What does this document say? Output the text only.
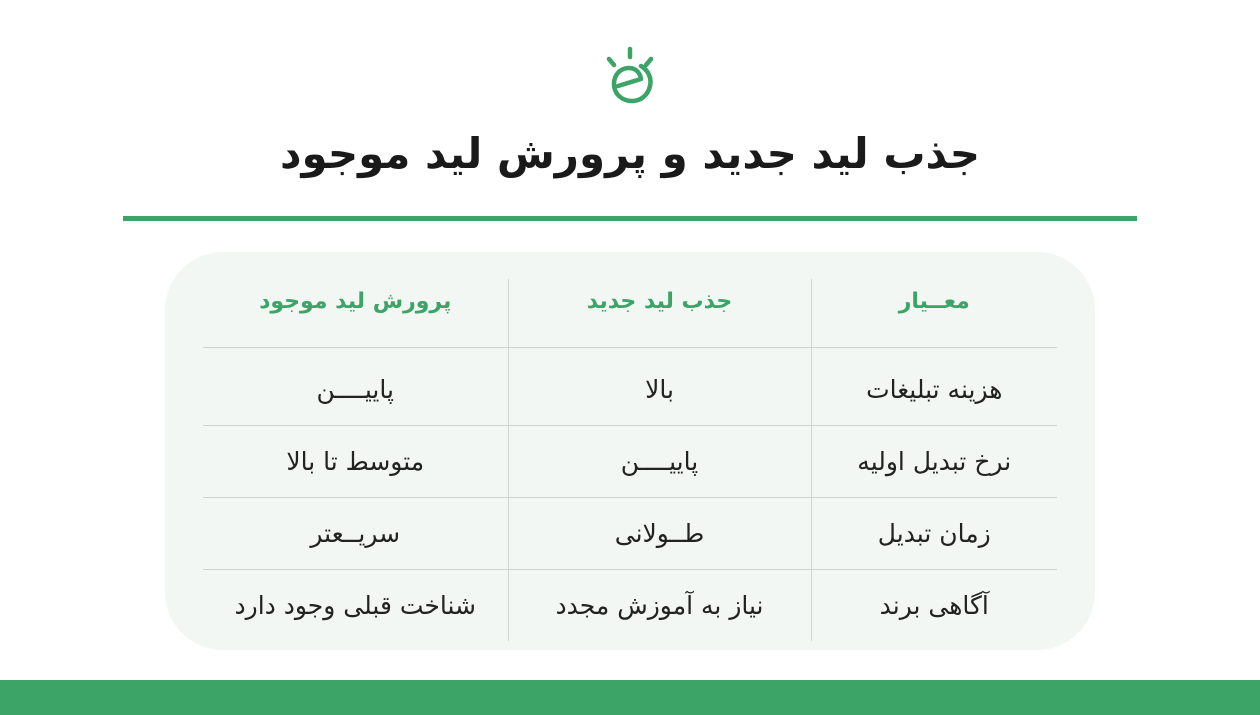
جذب لید جدید و پرورش لید موجود
معــیار	جذب لید جدید	پرورش لید موجود
هزینه تبلیغات	بالا	پاییــــن
نرخ تبدیل اولیه	پاییــــن	متوسط تا بالا
زمان تبدیل	طــولانی	سریــعتر
آگاهی برند	نیاز به آموزش مجدد	شناخت قبلی وجود دارد
